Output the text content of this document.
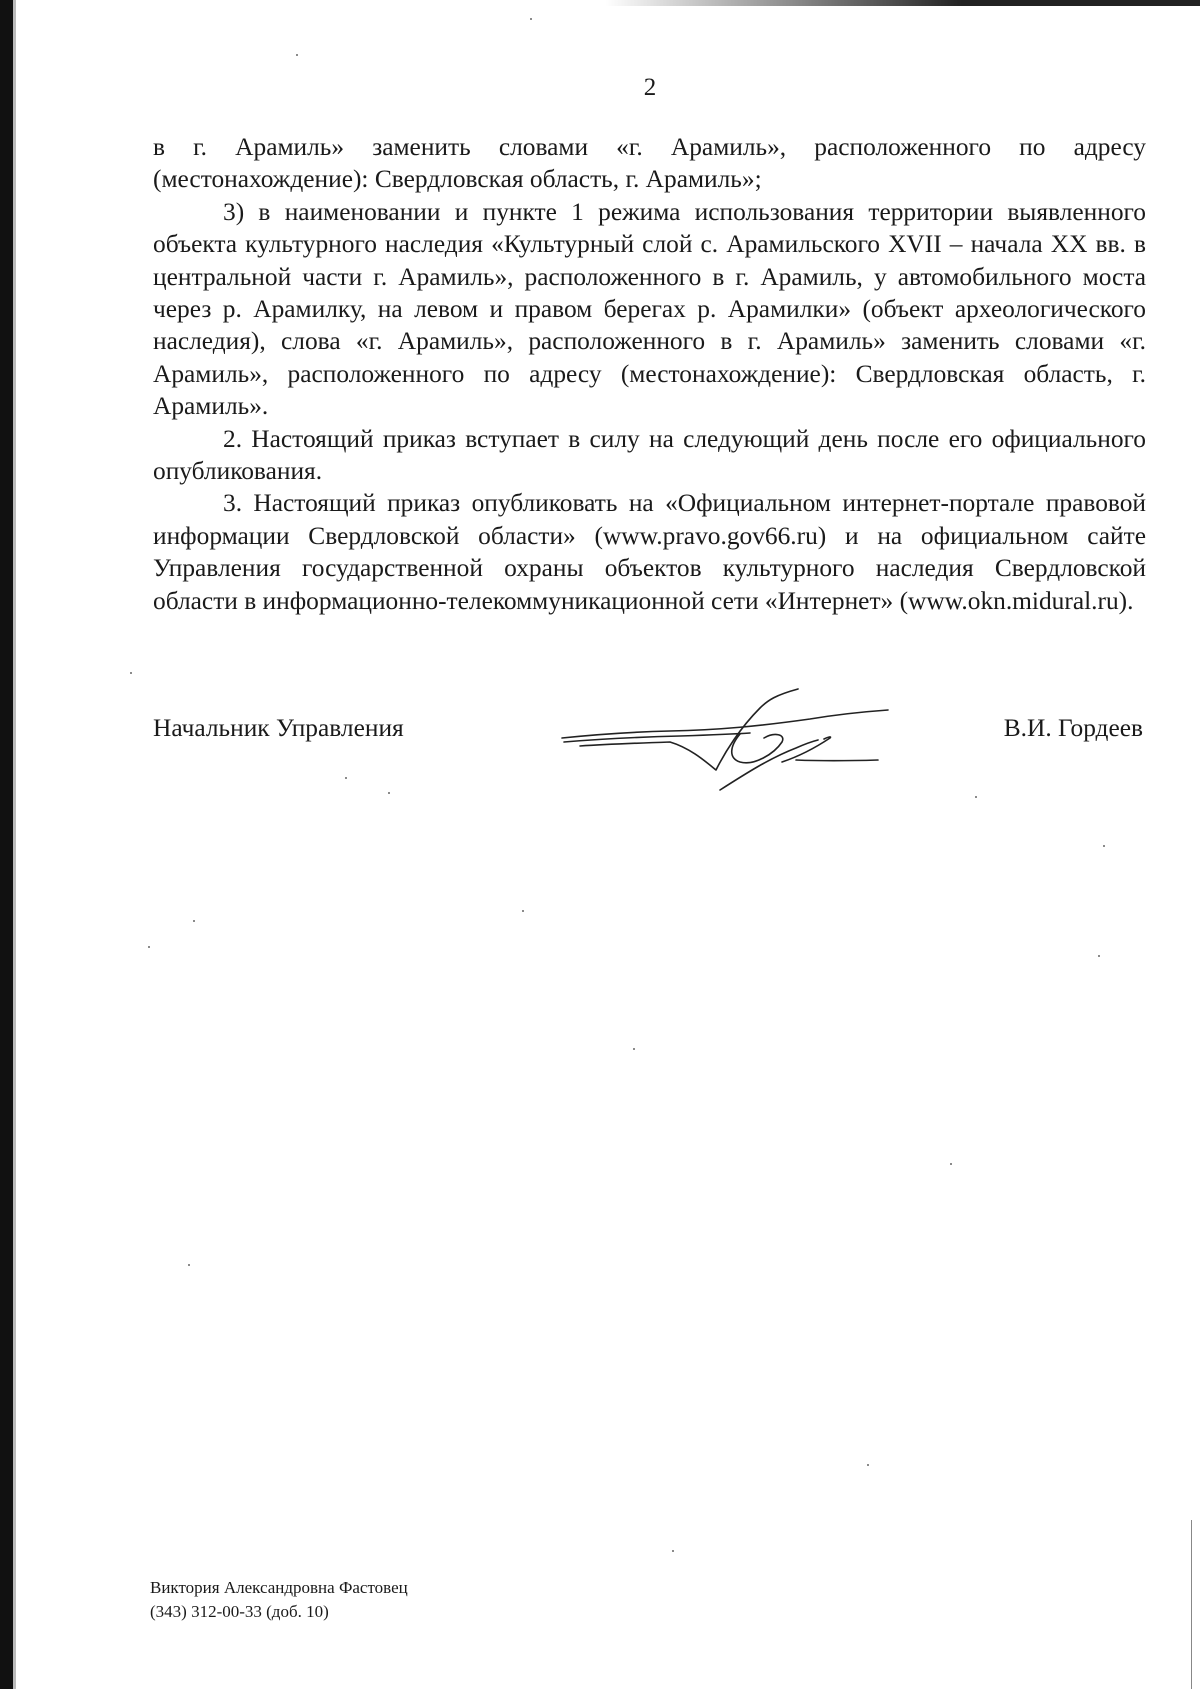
2

в г. Арамиль» заменить словами «г. Арамиль», расположенного по адресу (местонахождение): Свердловская область, г. Арамиль»;

3) в наименовании и пункте 1 режима использования территории выявленного объекта культурного наследия «Культурный слой с. Арамильского XVII – начала XX вв. в центральной части г. Арамиль», расположенного в г. Арамиль, у автомобильного моста через р. Арамилку, на левом и правом берегах р. Арамилки» (объект археологического наследия), слова «г. Арамиль», расположенного в г. Арамиль» заменить словами «г. Арамиль», расположенного по адресу (местонахождение): Свердловская область, г. Арамиль».

2. Настоящий приказ вступает в силу на следующий день после его официального опубликования.

3. Настоящий приказ опубликовать на «Официальном интернет-портале правовой информации Свердловской области» (www.pravo.gov66.ru) и на официальном сайте Управления государственной охраны объектов культурного наследия Свердловской области в информационно-телекоммуникационной сети «Интернет» (www.okn.midural.ru).

Начальник Управления	В.И. Гордеев
Виктория Александровна Фастовец
(343) 312-00-33 (доб. 10)
